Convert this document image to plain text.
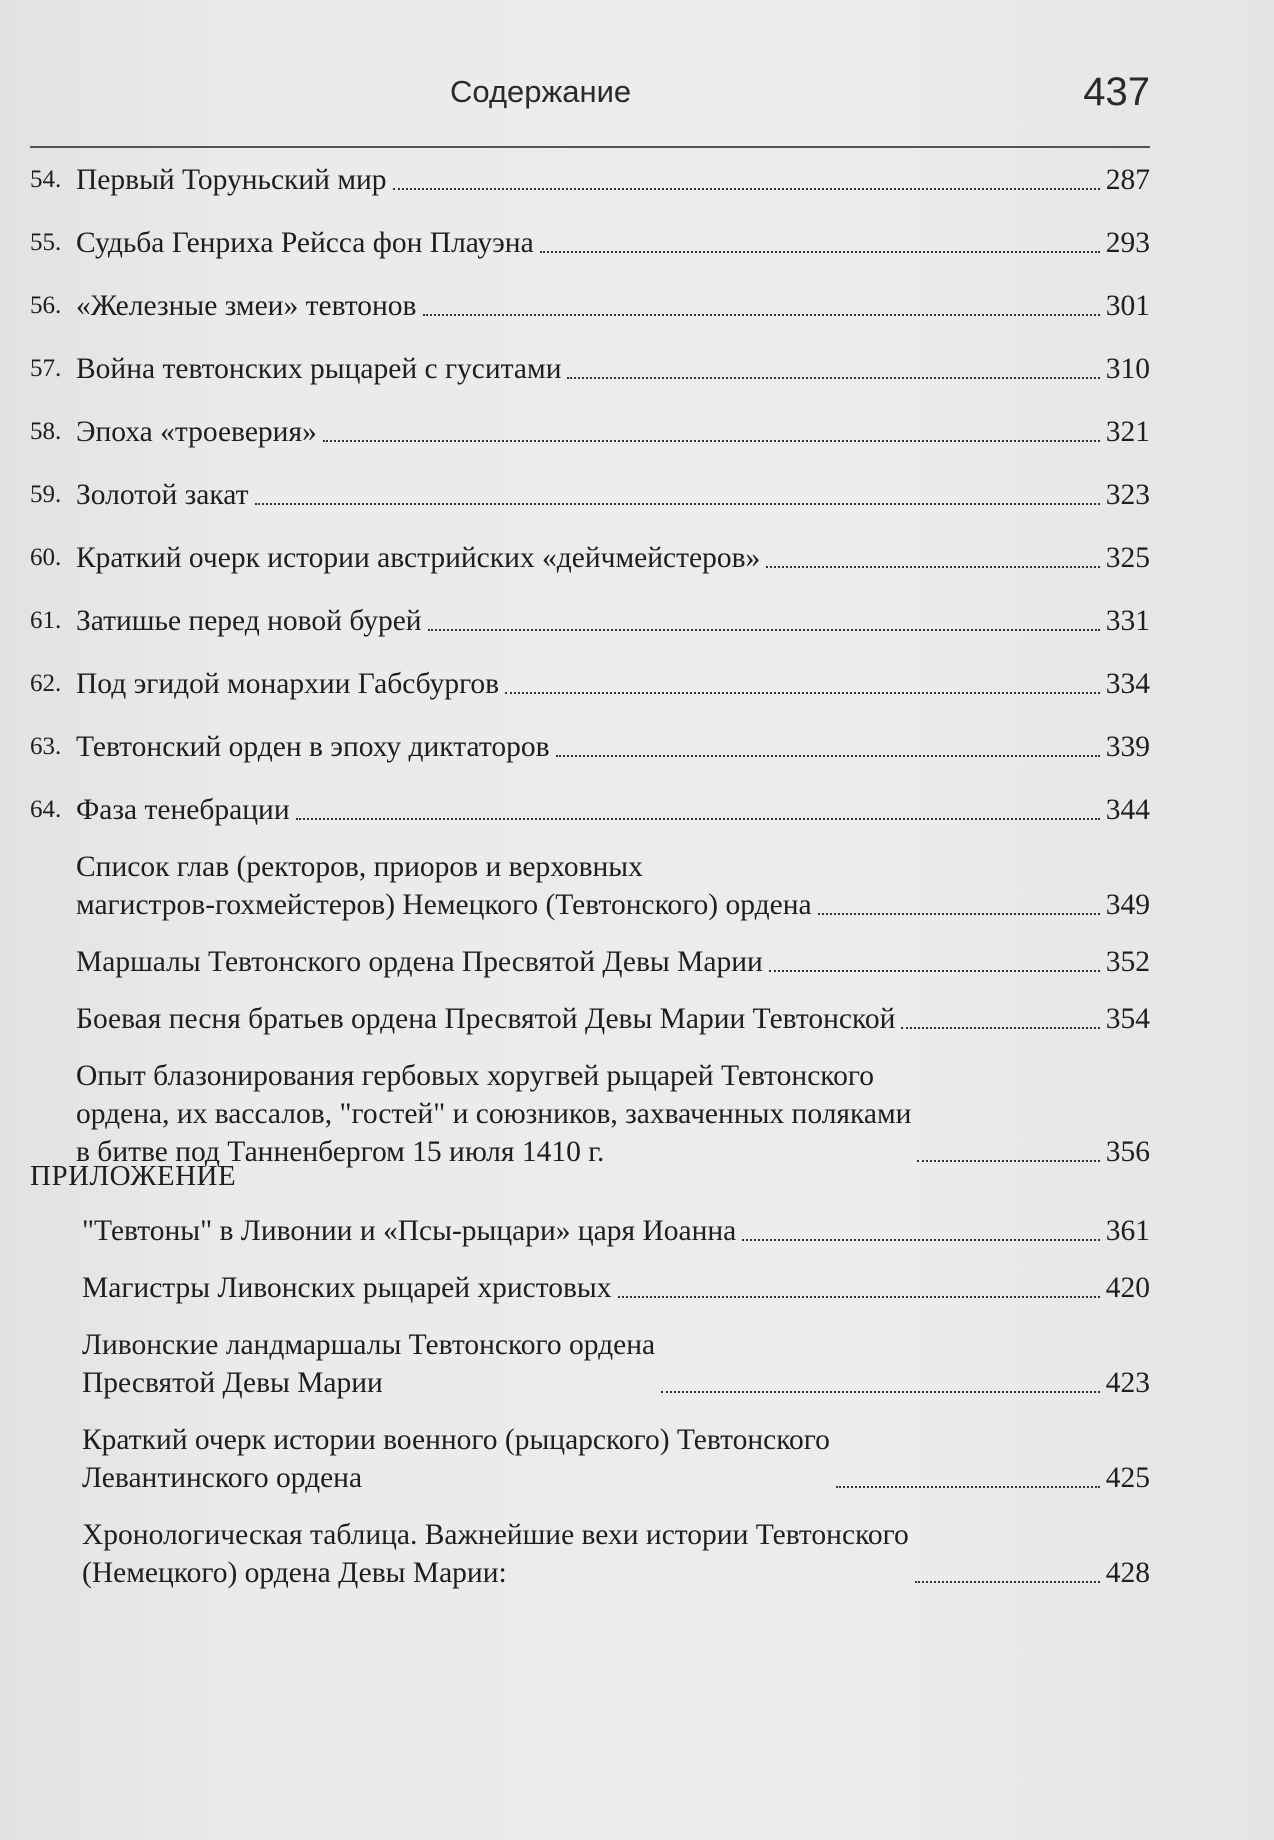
Содержание	437
54. Первый Торуньский мир	287
55. Судьба Генриха Рейсса фон Плауэна	293
56. «Железные змеи» тевтонов	301
57. Война тевтонских рыцарей с гуситами	310
58. Эпоха «троеверия»	321
59. Золотой закат	323
60. Краткий очерк истории австрийских «дейчмейстеров»	325
61. Затишье перед новой бурей	331
62. Под эгидой монархии Габсбургов	334
63. Тевтонский орден в эпоху диктаторов	339
64. Фаза тенебрации	344
Список глав (ректоров, приоров и верховных
магистров-гохмейстеров) Немецкого (Тевтонского) ордена	349
Маршалы Тевтонского ордена Пресвятой Девы Марии	352
Боевая песня братьев ордена Пресвятой Девы Марии Тевтонской	354
Опыт блазонирования гербовых хоругвей рыцарей Тевтонского
ордена, их вассалов, "гостей" и союзников, захваченных поляками
в битве под Танненбергом 15 июля 1410 г.	356
ПРИЛОЖЕНИЕ
"Тевтоны" в Ливонии и «Псы-рыцари» царя Иоанна	361
Магистры Ливонских рыцарей христовых	420
Ливонские ландмаршалы Тевтонского ордена
Пресвятой Девы Марии	423
Краткий очерк истории военного (рыцарского) Тевтонского
Левантинского ордена	425
Хронологическая таблица. Важнейшие вехи истории Тевтонского
(Немецкого) ордена Девы Марии:	428
